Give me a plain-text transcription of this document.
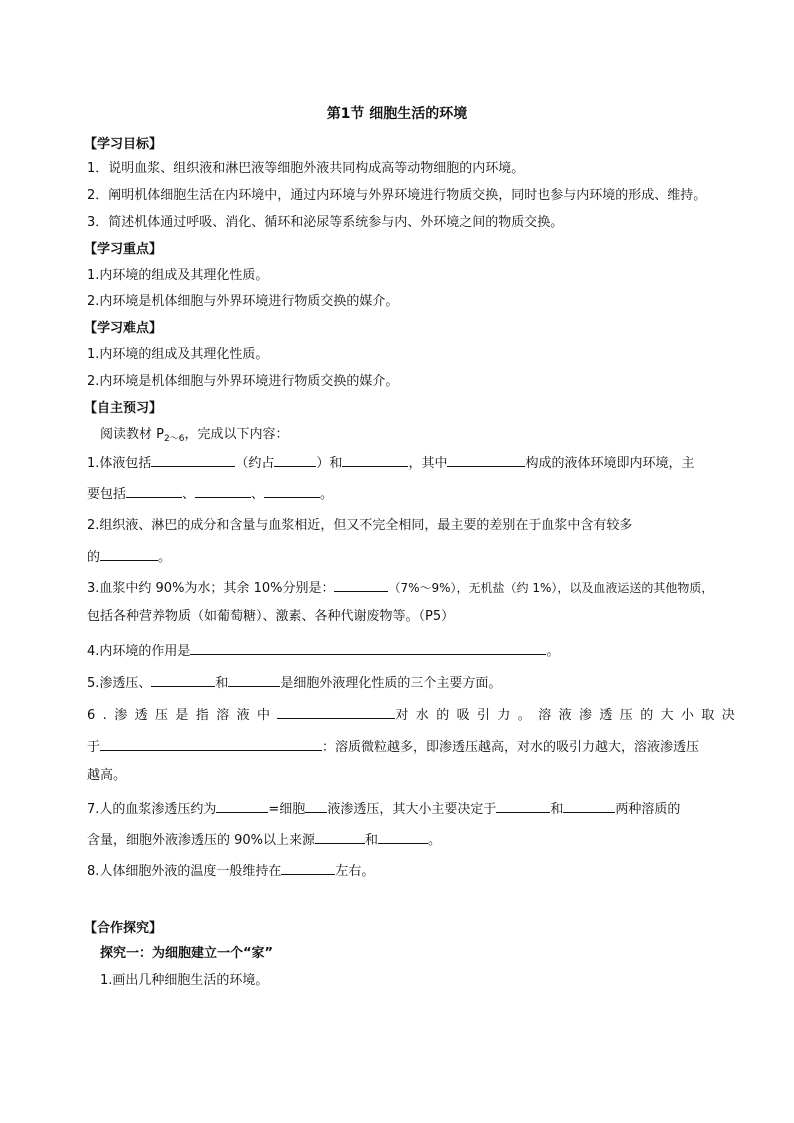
第1节 细胞生活的环境
【学习目标】
1．说明血浆、组织液和淋巴液等细胞外液共同构成高等动物细胞的内环境。
2．阐明机体细胞生活在内环境中，通过内环境与外界环境进行物质交换，同时也参与内环境的形成、维持。
3．简述机体通过呼吸、消化、循环和泌尿等系统参与内、外环境之间的物质交换。
【学习重点】
1.内环境的组成及其理化性质。
2.内环境是机体细胞与外界环境进行物质交换的媒介。
【学习难点】
1.内环境的组成及其理化性质。
2.内环境是机体细胞与外界环境进行物质交换的媒介。
【自主预习】
阅读教材 $P_{2\sim 6}$，完成以下内容：
1.体液包括	（约占	）和	，其中	构成的液体环境即内环境，主
要包括	、	、	。
2.组织液、淋巴的成分和含量与血浆相近，但又不完全相同，最主要的差别在于血浆中含有较多
的	。
3.血浆中约 90%为水；其余 10%分别是：	（7%～9%），无机盐（约 1%），以及血液运送的其他物质，
包括各种营养物质（如葡萄糖）、激素、各种代谢废物等。（P5）
4.内环境的作用是	。
5.渗透压、	和	是细胞外液理化性质的三个主要方面。
6.渗透压是指溶液中	对水的吸引力。溶液渗透压的大小取决
于	：溶质微粒越多，即渗透压越高，对水的吸引力越大，溶液渗透压
越高。
7.人的血浆渗透压约为	=细胞 液渗透压，其大小主要决定于	和	两种溶质的
含量，细胞外液渗透压的 90%以上来源	和	。
8.人体细胞外液的温度一般维持在	左右。
【合作探究】
探究一：为细胞建立一个“家”
1.画出几种细胞生活的环境。
